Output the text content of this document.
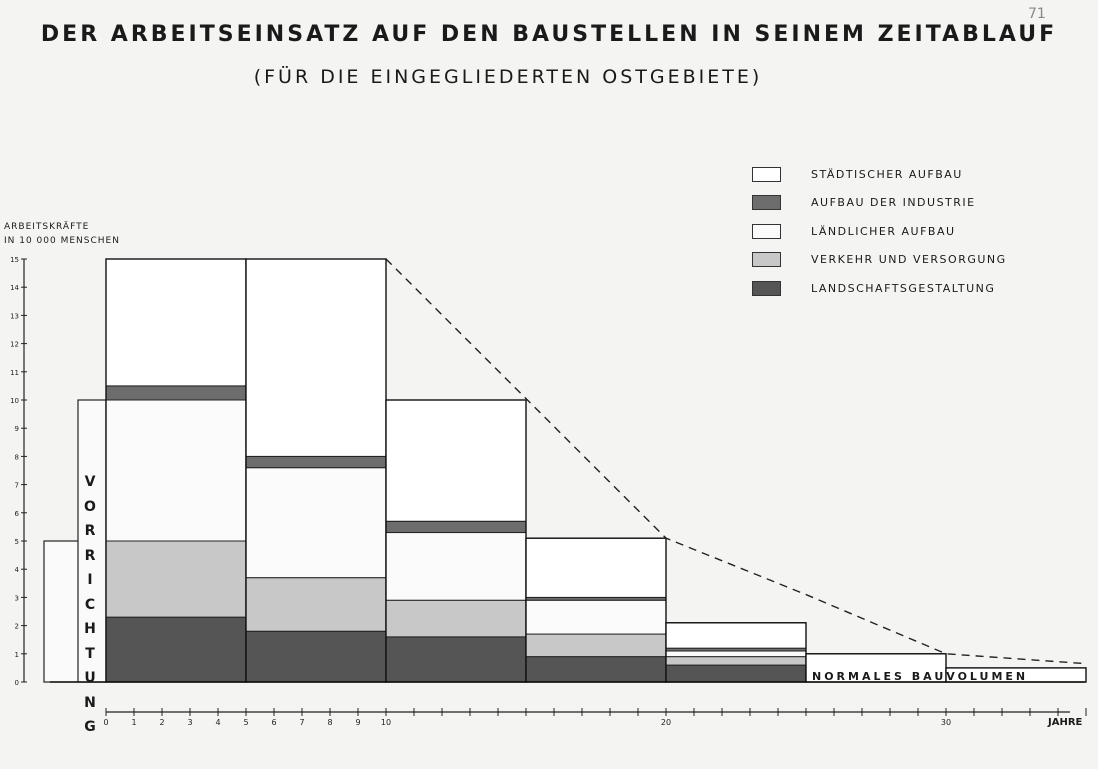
DER ARBEITSEINSATZ AUF DEN BAUSTELLEN IN SEINEM ZEITABLAUF
(FÜR DIE EINGEGLIEDERTEN OSTGEBIETE)
71
ARBEITSKRÄFTE
IN 10 000 MENSCHEN
0
1
2
3
4
5
6
7
8
9
10
11
12
13
14
15
0	1	2	3	4	5	6	7	8	9	10	20	30
V
O
R
R
I
C
H
T
U
N
G
NORMALES BAUVOLUMEN
JAHRE
STÄDTISCHER AUFBAU
AUFBAU DER INDUSTRIE
LÄNDLICHER AUFBAU
VERKEHR UND VERSORGUNG
LANDSCHAFTSGESTALTUNG
